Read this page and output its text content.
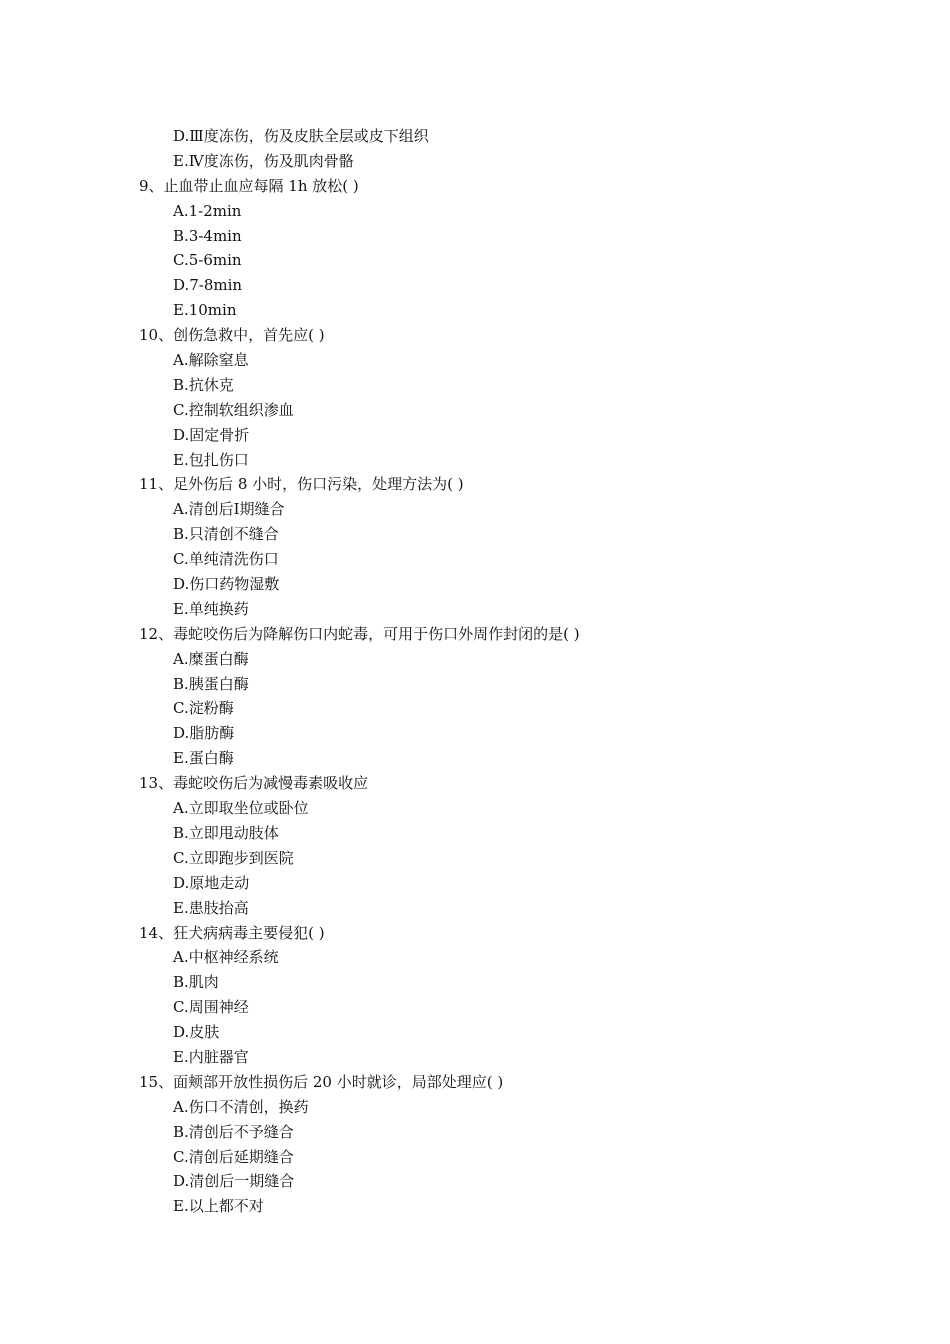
D.Ⅲ度冻伤，伤及皮肤全层或皮下组织
E.Ⅳ度冻伤，伤及肌肉骨骼
9、止血带止血应每隔 1h 放松( )
A.1-2min
B.3-4min
C.5-6min
D.7-8min
E.10min
10、创伤急救中，首先应( )
A.解除窒息
B.抗休克
C.控制软组织渗血
D.固定骨折
E.包扎伤口
11、足外伤后 8 小时，伤口污染，处理方法为( )
A.清创后Ⅰ期缝合
B.只清创不缝合
C.单纯清洗伤口
D.伤口药物湿敷
E.单纯换药
12、毒蛇咬伤后为降解伤口内蛇毒，可用于伤口外周作封闭的是( )
A.糜蛋白酶
B.胰蛋白酶
C.淀粉酶
D.脂肪酶
E.蛋白酶
13、毒蛇咬伤后为减慢毒素吸收应
A.立即取坐位或卧位
B.立即甩动肢体
C.立即跑步到医院
D.原地走动
E.患肢抬高
14、狂犬病病毒主要侵犯( )
A.中枢神经系统
B.肌肉
C.周围神经
D.皮肤
E.内脏器官
15、面颊部开放性损伤后 20 小时就诊，局部处理应( )
A.伤口不清创，换药
B.清创后不予缝合
C.清创后延期缝合
D.清创后一期缝合
E.以上都不对
